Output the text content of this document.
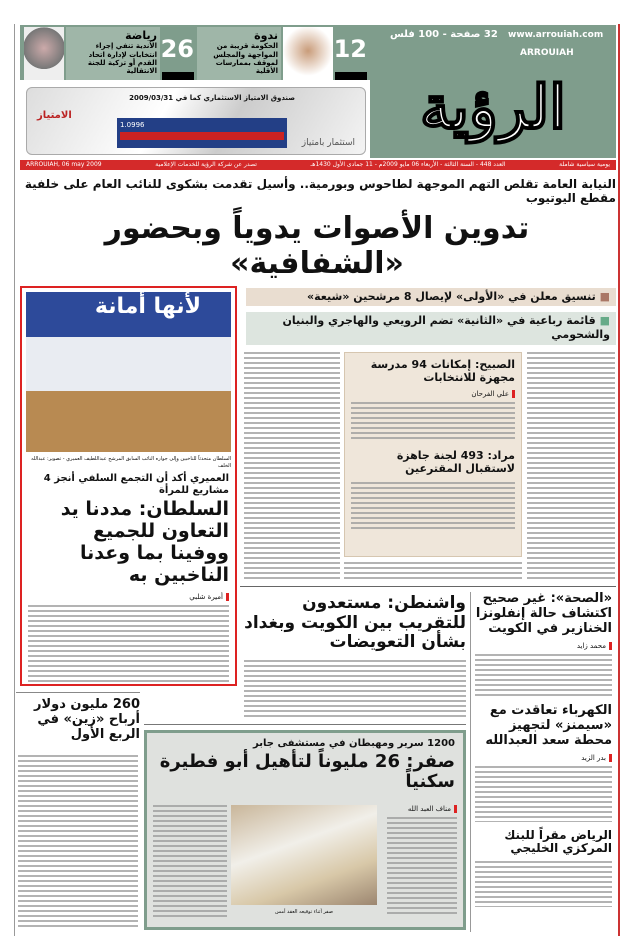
رياضة
الأندية تنفي إجراء انتخابات لإدارة اتحاد القدم أو تزكية للجنة الانتقالية
26	ندوة
الحكومة قريبة من المواجهة والمجلس لموقف بممارسات الأقلية
12
32 صفحة - 100 فلس www.arrouiah.com
ARROUIAH
الرؤية
صندوق الامتياز الاستثماري كما في 2009/03/31
استثمار بامتياز
الامتياز
1.0996
يومية سياسية شاملة
العدد 448 - السنة الثالثة - الأربعاء 06 مايو 2009م - 11 جمادى الأول 1430هـ
تصدر عن شركة الرؤية للخدمات الإعلامية
ARROUIAH, 06 may 2009
النيابة العامة تقلص التهم الموجهة لطاحوس وبورمية.. وأسيل تقدمت بشكوى للنائب العام على خلفية مقطع اليوتيوب
تدوين الأصوات يدوياً وبحضور «الشفافية»
■ تنسيق معلن في «الأولى» لإيصال 8 مرشحين «شيعة»
■ قائمة رباعية في «الثانية» تضم الرويعي والهاجري والبنيان والشحومي
الصبيح: إمكانات 94 مدرسة مجهزة للانتخابات
علي الفرحان
مراد: 493 لجنة جاهزة لاستقبال المقترعين
لأنها أمانة
السلطان متحدثاً للناخبين وإلى جواره النائب السابق المرشح عبداللطيف العميري - تصوير: عبدالله الخلف
العميري أكد أن التجمع السلفي أنجز 4 مشاريع للمرأة
السلطان: مددنا يد التعاون للجميع ووفينا بما وعدنا الناخبين به
أميرة شلبي	«الصحة»: غير صحيح اكتشاف حالة إنفلونزا الخنازير في الكويت
محمد زايد
الكهرباء تعاقدت مع «سيمنز» لتجهيز محطة سعد العبدالله
بدر الزيد
الرياض مقراً للبنك المركزي الخليجي
واشنطن: مستعدون للتقريب بين الكويت وبغداد بشأن التعويضات
1200 سرير ومهبطان في مستشفى جابر
صفر: 26 مليوناً لتأهيل أبو فطيرة سكنياً
مناف العبد الله
صفر أثناء توقيعه العقد أمس
260 مليون دولار أرباح «زين» في الربع الأول
